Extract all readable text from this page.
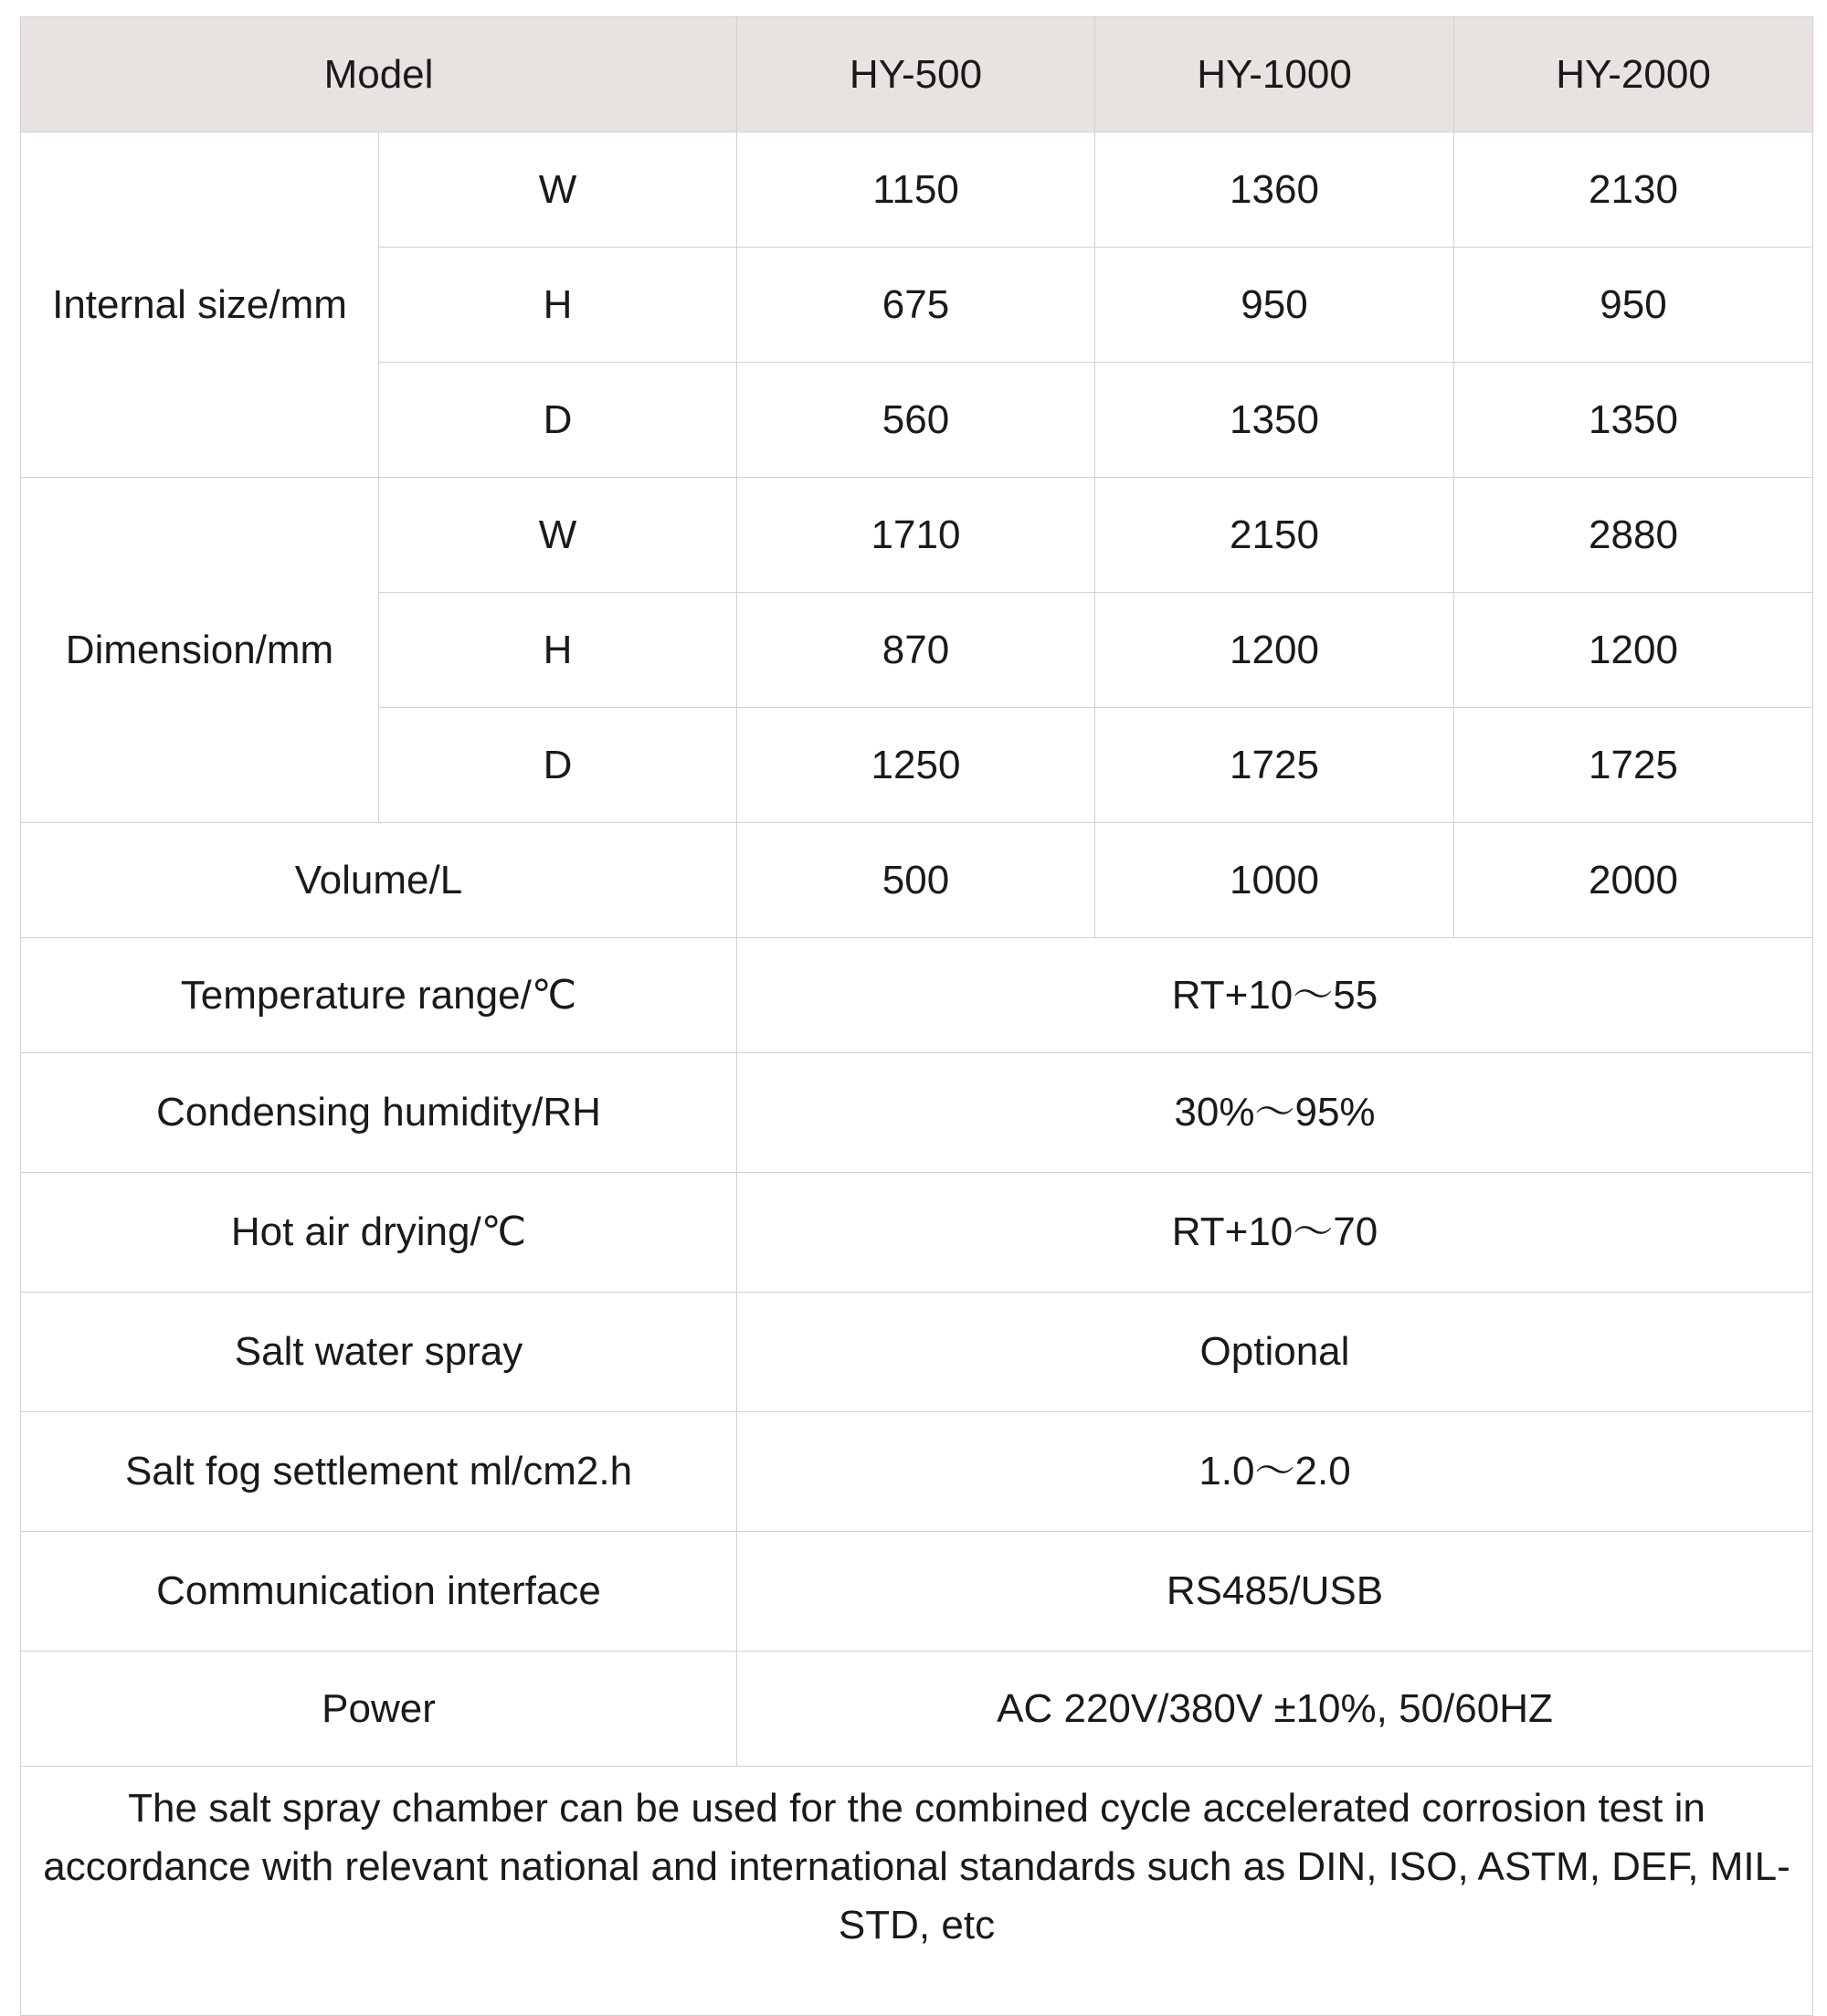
Model		HY-500	HY-1000	HY-2000
Internal size/mm	W	1150	1360	2130
	H	675	950	950
	D	560	1350	1350
Dimension/mm	W	1710	2150	2880
	H	870	1200	1200
	D	1250	1725	1725
Volume/L		500	1000	2000
Temperature range/℃		RT+10～55		
Condensing humidity/RH		30%～95%		
Hot air drying/℃		RT+10～70		
Salt water spray		Optional		
Salt fog settlement ml/cm2.h		1.0～2.0		
Communication interface		RS485/USB		
Power		AC 220V/380V ±10%, 50/60HZ		
The salt spray chamber can be used for the combined cycle accelerated corrosion test in accordance with relevant national and international standards such as DIN, ISO, ASTM, DEF, MIL-STD, etc				
